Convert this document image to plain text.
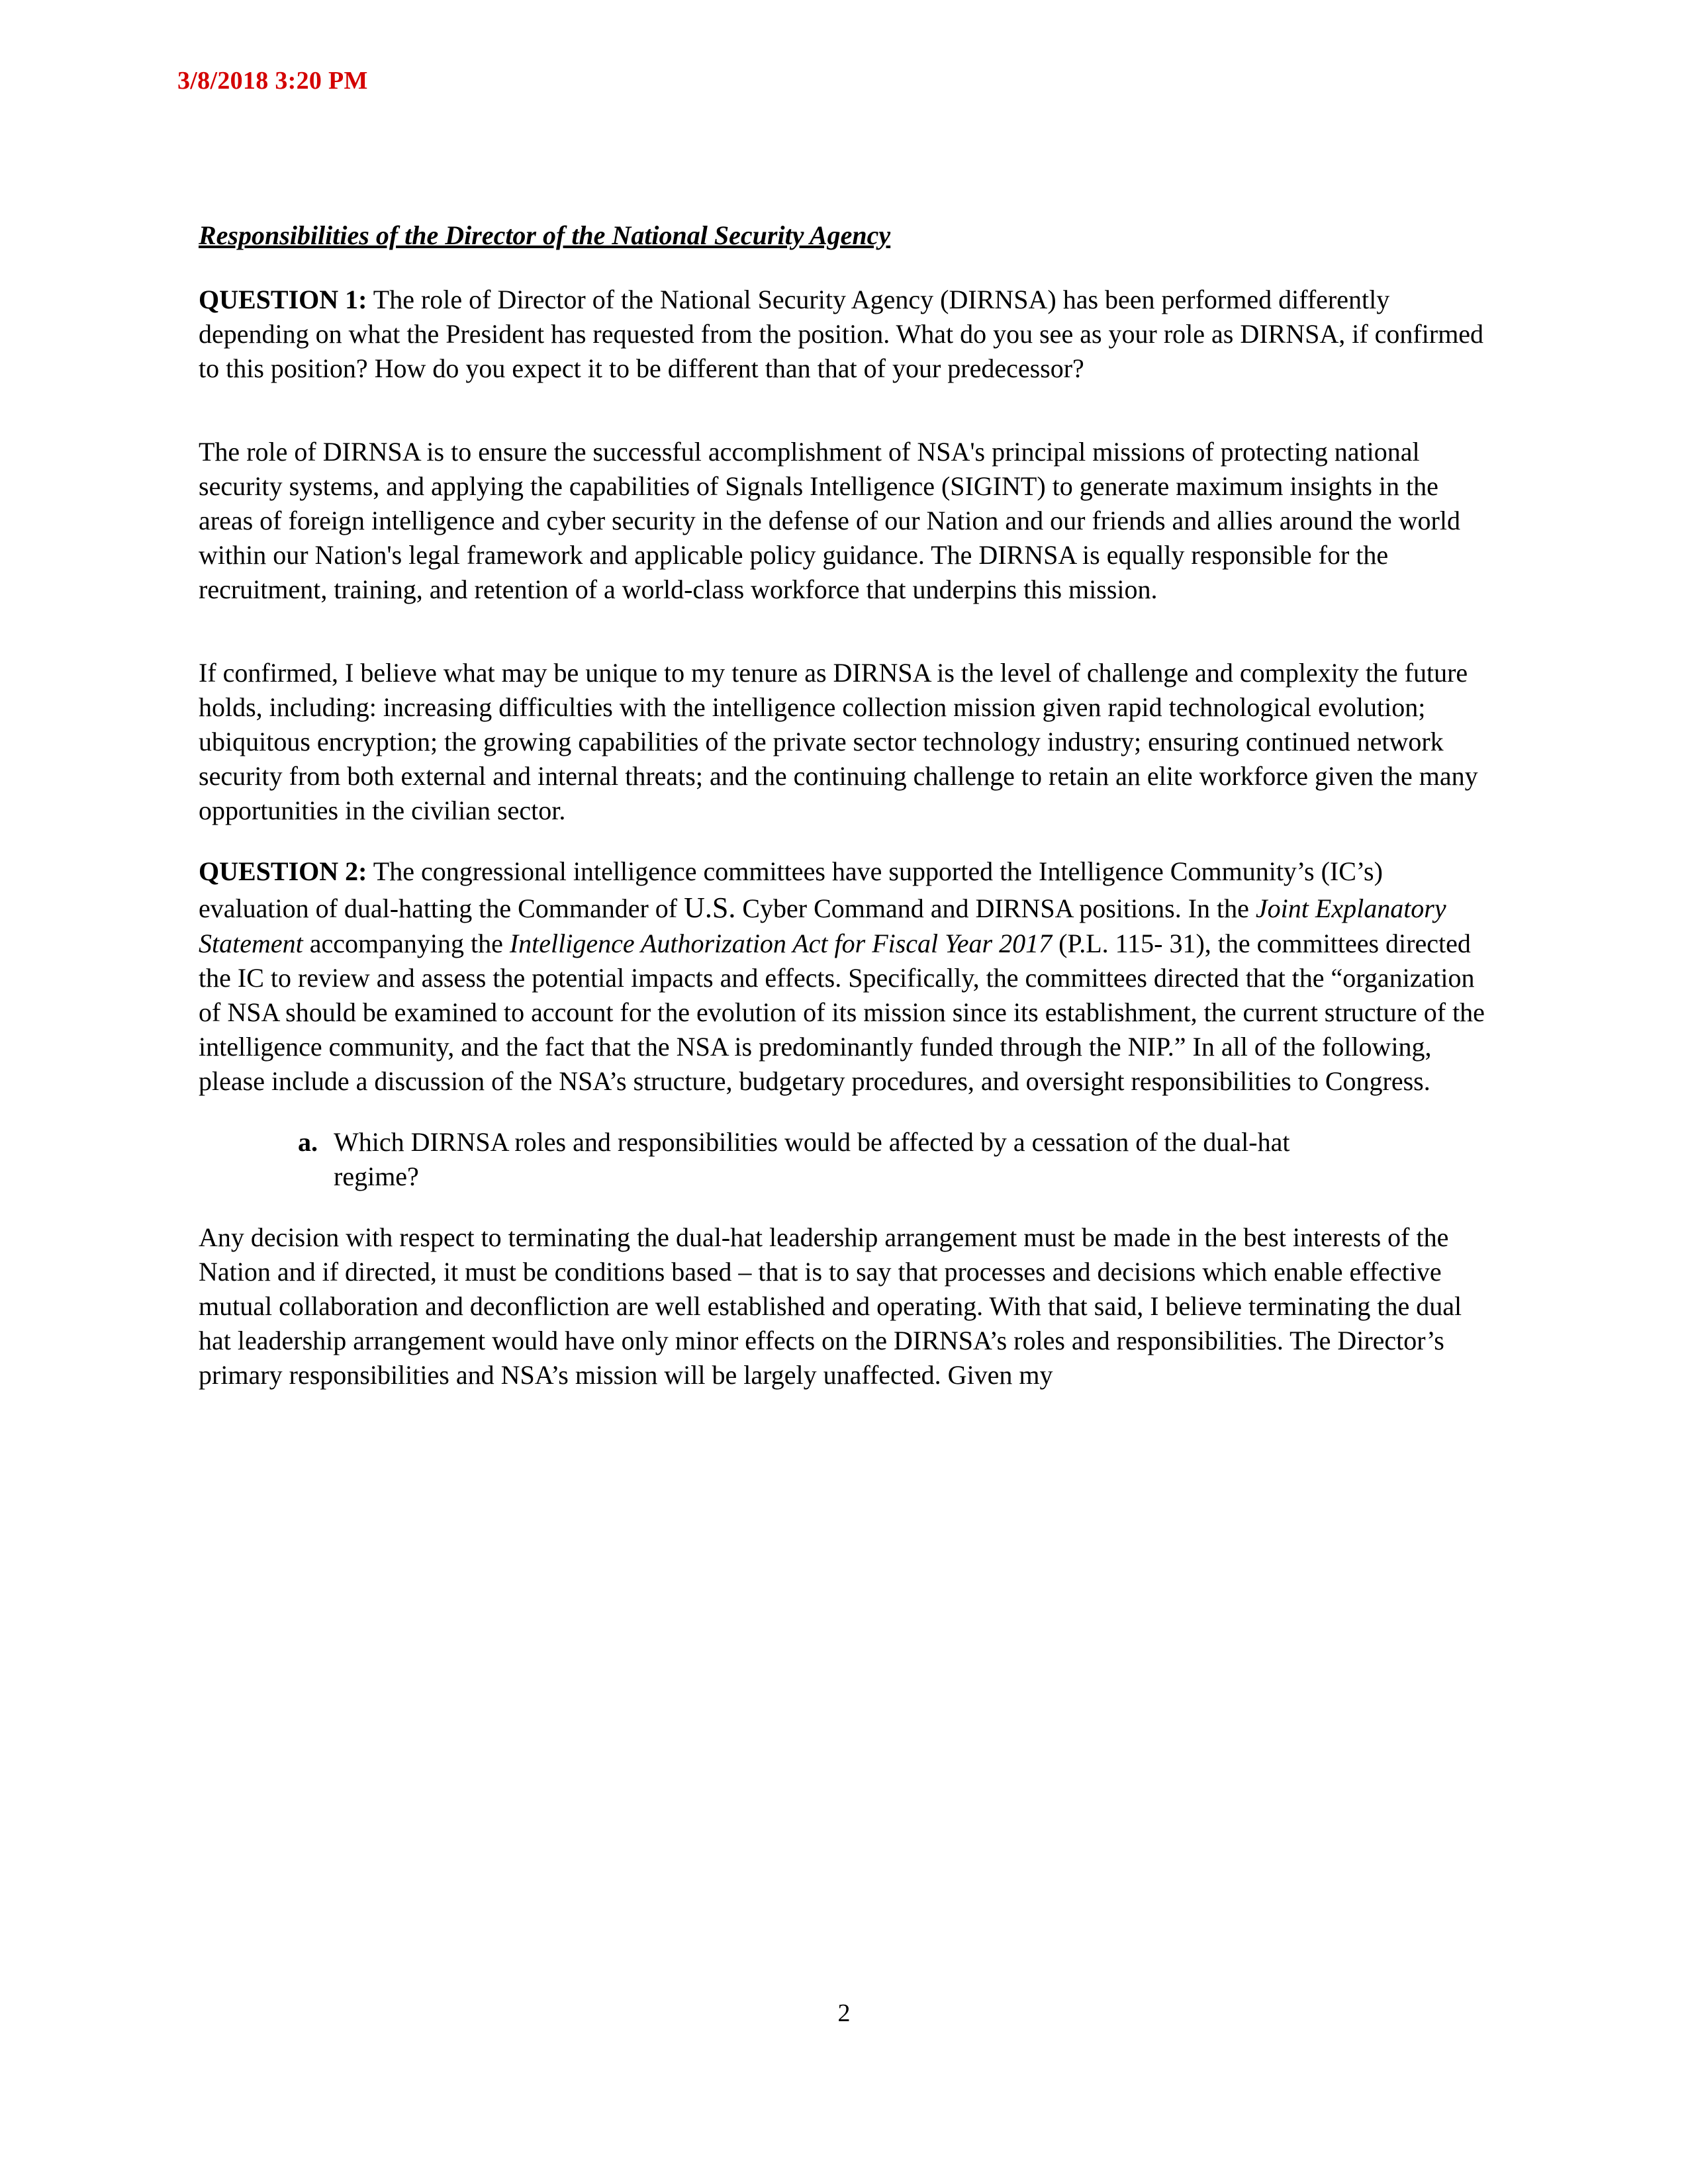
3/8/2018 3:20 PM
Responsibilities of the Director of the National Security Agency

QUESTION 1: The role of Director of the National Security Agency (DIRNSA) has been performed differently depending on what the President has requested from the position. What do you see as your role as DIRNSA, if confirmed to this position? How do you expect it to be different than that of your predecessor?

The role of DIRNSA is to ensure the successful accomplishment of NSA's principal missions of protecting national security systems, and applying the capabilities of Signals Intelligence (SIGINT) to generate maximum insights in the areas of foreign intelligence and cyber security in the defense of our Nation and our friends and allies around the world within our Nation's legal framework and applicable policy guidance. The DIRNSA is equally responsible for the recruitment, training, and retention of a world-class workforce that underpins this mission.

If confirmed, I believe what may be unique to my tenure as DIRNSA is the level of challenge and complexity the future holds, including: increasing difficulties with the intelligence collection mission given rapid technological evolution; ubiquitous encryption; the growing capabilities of the private sector technology industry; ensuring continued network security from both external and internal threats; and the continuing challenge to retain an elite workforce given the many opportunities in the civilian sector.

QUESTION 2: The congressional intelligence committees have supported the Intelligence Community’s (IC’s) evaluation of dual-hatting the Commander of U.S. Cyber Command and DIRNSA positions. In the Joint Explanatory Statement accompanying the Intelligence Authorization Act for Fiscal Year 2017 (P.L. 115- 31), the committees directed the IC to review and assess the potential impacts and effects. Specifically, the committees directed that the “organization of NSA should be examined to account for the evolution of its mission since its establishment, the current structure of the intelligence community, and the fact that the NSA is predominantly funded through the NIP.” In all of the following, please include a discussion of the NSA’s structure, budgetary procedures, and oversight responsibilities to Congress.

a. Which DIRNSA roles and responsibilities would be affected by a cessation of the dual-hat regime?

Any decision with respect to terminating the dual-hat leadership arrangement must be made in the best interests of the Nation and if directed, it must be conditions based – that is to say that processes and decisions which enable effective mutual collaboration and deconfliction are well established and operating. With that said, I believe terminating the dual hat leadership arrangement would have only minor effects on the DIRNSA’s roles and responsibilities. The Director’s primary responsibilities and NSA’s mission will be largely unaffected. Given my

2
